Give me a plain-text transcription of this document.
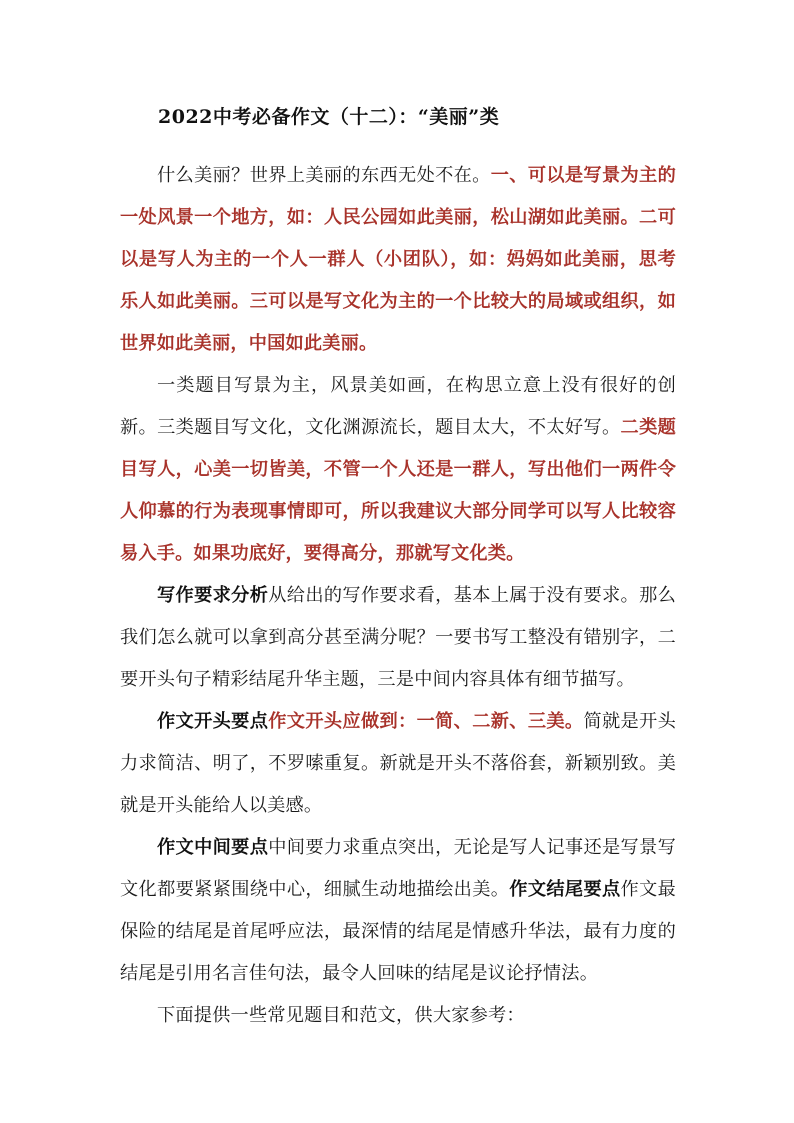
2022中考必备作文（十二）：“美丽”类

什么美丽？世界上美丽的东西无处不在。一、可以是写景为主的一处风景一个地方，如：人民公园如此美丽，松山湖如此美丽。二可以是写人为主的一个人一群人（小团队），如：妈妈如此美丽，思考乐人如此美丽。三可以是写文化为主的一个比较大的局域或组织，如世界如此美丽，中国如此美丽。

一类题目写景为主，风景美如画，在构思立意上没有很好的创新。三类题目写文化，文化渊源流长，题目太大，不太好写。二类题目写人，心美一切皆美，不管一个人还是一群人，写出他们一两件令人仰慕的行为表现事情即可，所以我建议大部分同学可以写人比较容易入手。如果功底好，要得高分，那就写文化类。

写作要求分析从给出的写作要求看，基本上属于没有要求。那么我们怎么就可以拿到高分甚至满分呢？一要书写工整没有错别字，二要开头句子精彩结尾升华主题，三是中间内容具体有细节描写。

作文开头要点作文开头应做到：一简、二新、三美。简就是开头力求简洁、明了，不罗嗦重复。新就是开头不落俗套，新颖别致。美就是开头能给人以美感。

作文中间要点中间要力求重点突出，无论是写人记事还是写景写文化都要紧紧围绕中心，细腻生动地描绘出美。作文结尾要点作文最保险的结尾是首尾呼应法，最深情的结尾是情感升华法，最有力度的结尾是引用名言佳句法，最令人回味的结尾是议论抒情法。

下面提供一些常见题目和范文，供大家参考：
